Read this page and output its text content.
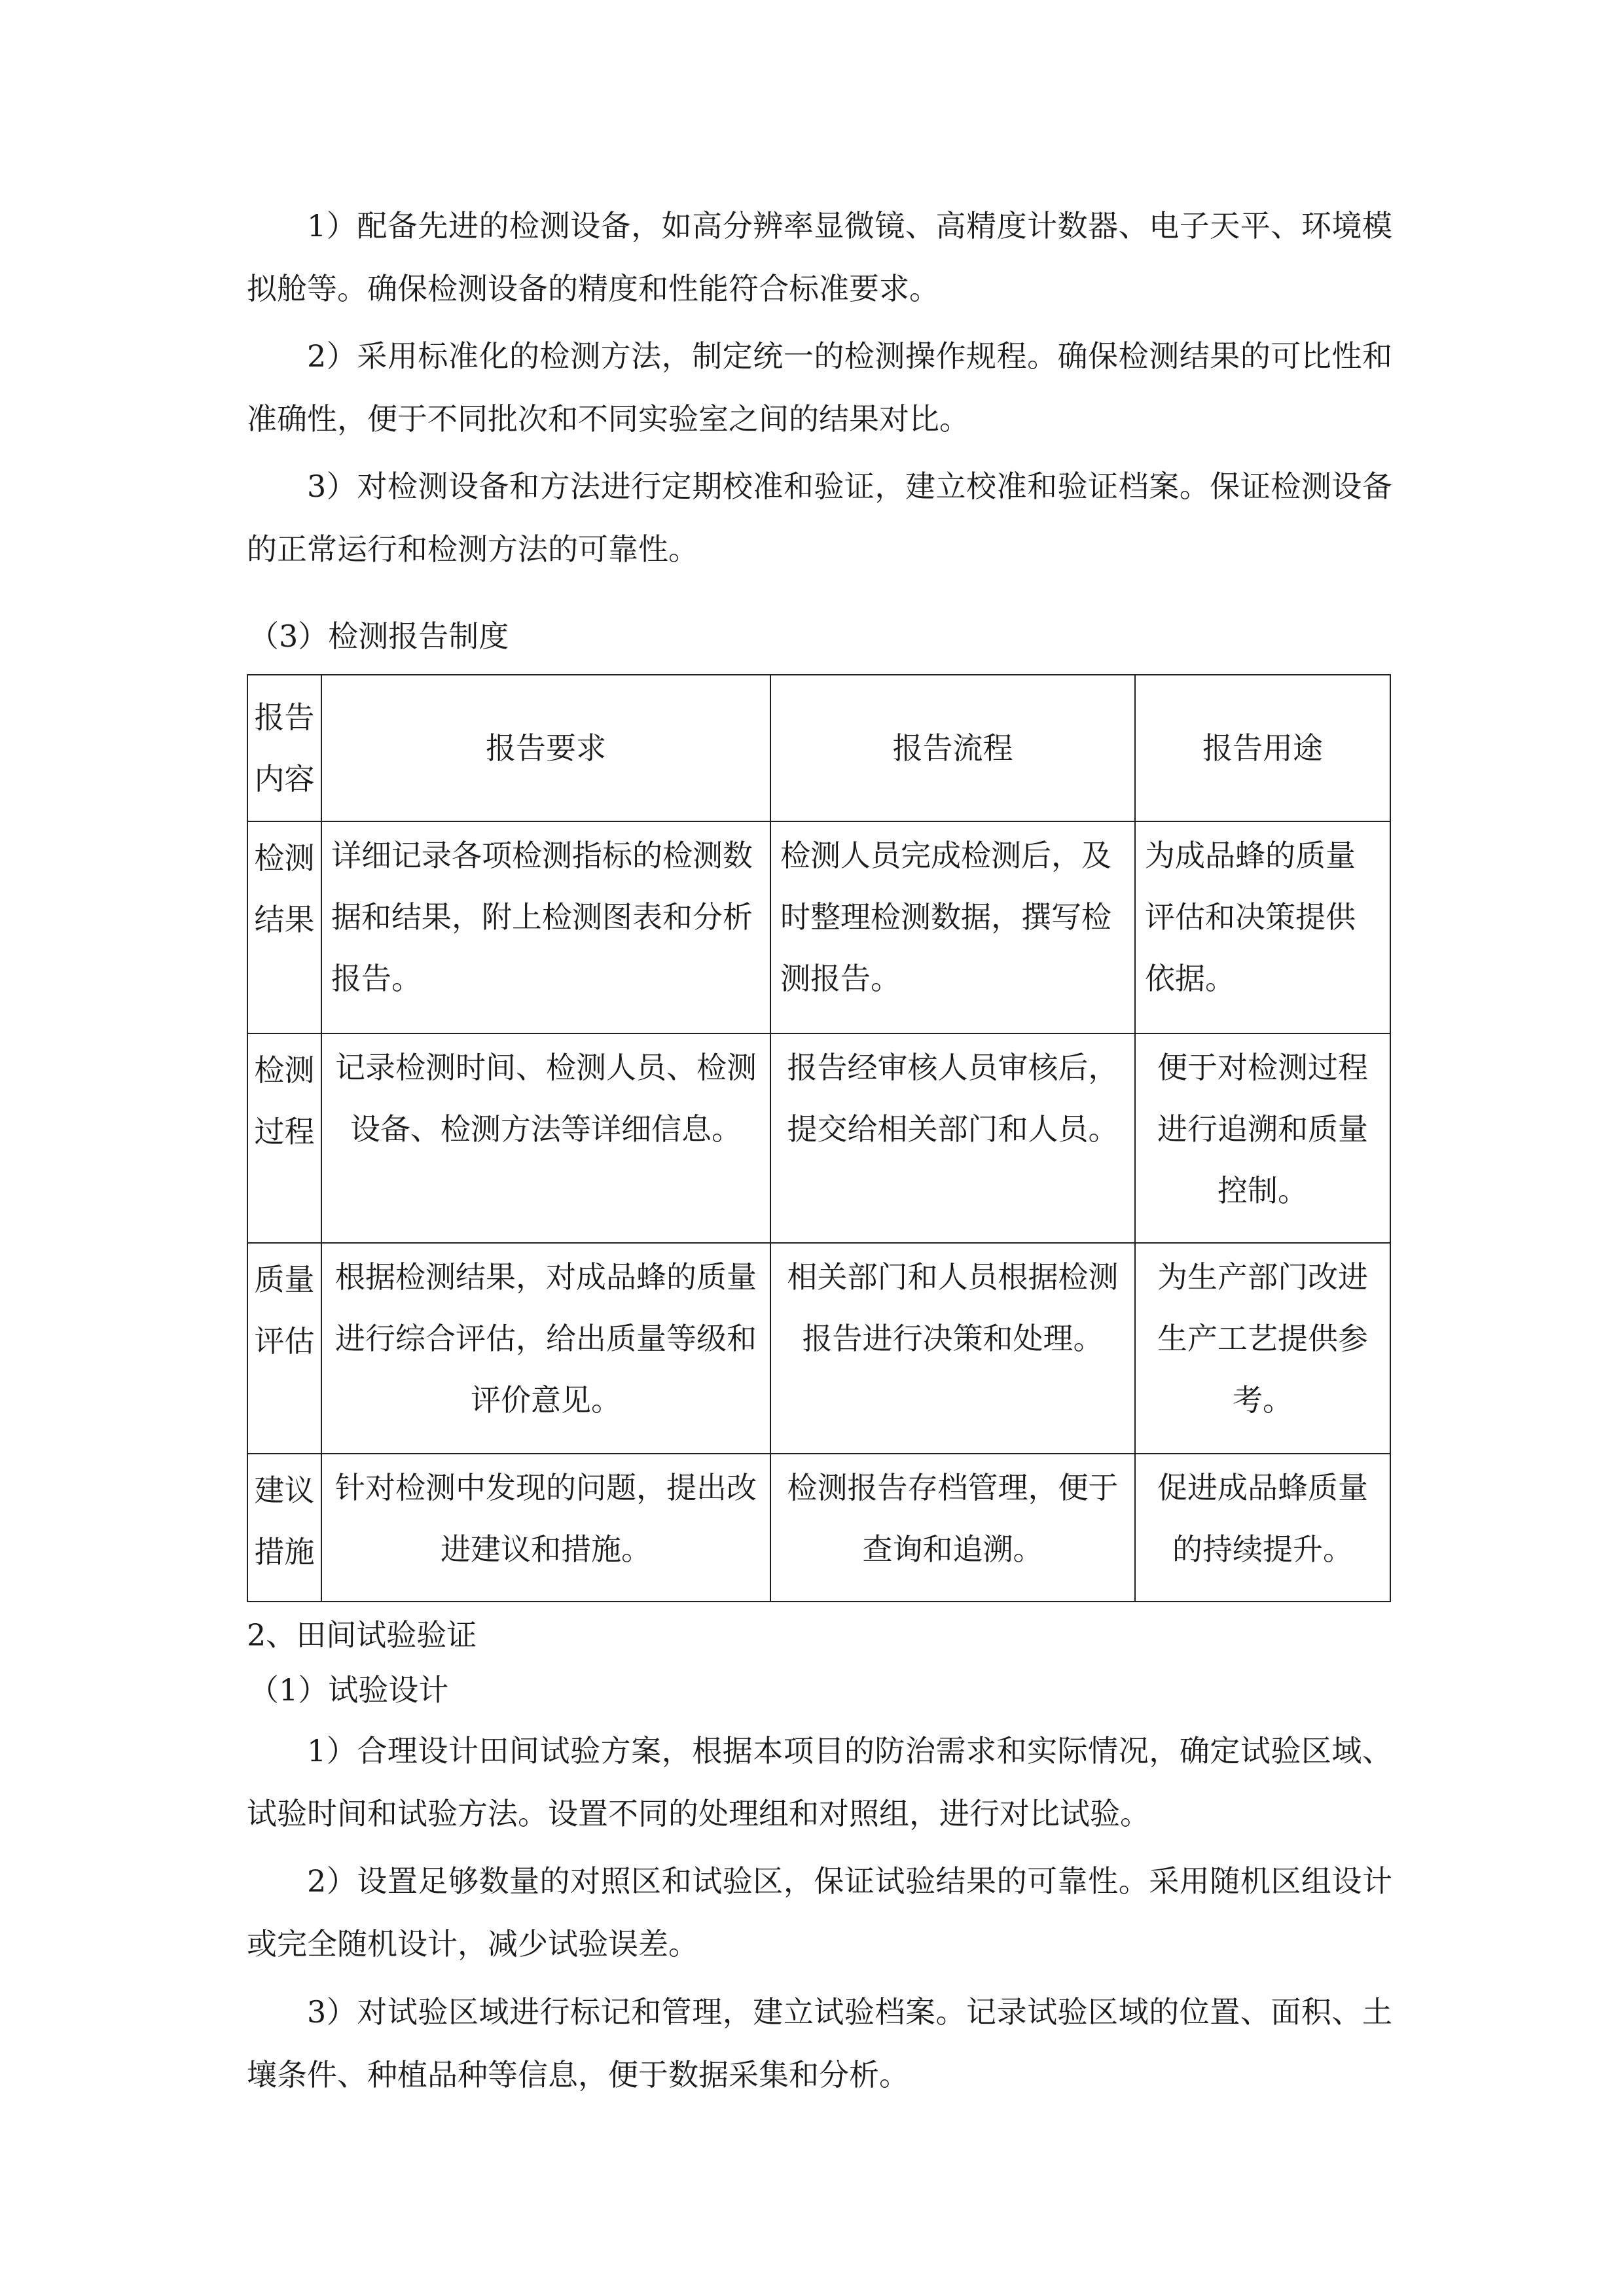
1）配备先进的检测设备，如高分辨率显微镜、高精度计数器、电子天平、环境模拟舱等。确保检测设备的精度和性能符合标准要求。

2）采用标准化的检测方法，制定统一的检测操作规程。确保检测结果的可比性和准确性，便于不同批次和不同实验室之间的结果对比。

3）对检测设备和方法进行定期校准和验证，建立校准和验证档案。保证检测设备的正常运行和检测方法的可靠性。

（3）检测报告制度

报告内容	报告要求	报告流程	报告用途
检测结果	详细记录各项检测指标的检测数据和结果，附上检测图表和分析报告。	检测人员完成检测后，及时整理检测数据，撰写检测报告。	为成品蜂的质量评估和决策提供依据。
检测过程	记录检测时间、检测人员、检测设备、检测方法等详细信息。	报告经审核人员审核后，提交给相关部门和人员。	便于对检测过程进行追溯和质量控制。
质量评估	根据检测结果，对成品蜂的质量进行综合评估，给出质量等级和评价意见。	相关部门和人员根据检测报告进行决策和处理。	为生产部门改进生产工艺提供参考。
建议措施	针对检测中发现的问题，提出改进建议和措施。	检测报告存档管理，便于查询和追溯。	促进成品蜂质量的持续提升。

2、田间试验验证

（1）试验设计

1）合理设计田间试验方案，根据本项目的防治需求和实际情况，确定试验区域、试验时间和试验方法。设置不同的处理组和对照组，进行对比试验。

2）设置足够数量的对照区和试验区，保证试验结果的可靠性。采用随机区组设计或完全随机设计，减少试验误差。

3）对试验区域进行标记和管理，建立试验档案。记录试验区域的位置、面积、土壤条件、种植品种等信息，便于数据采集和分析。
